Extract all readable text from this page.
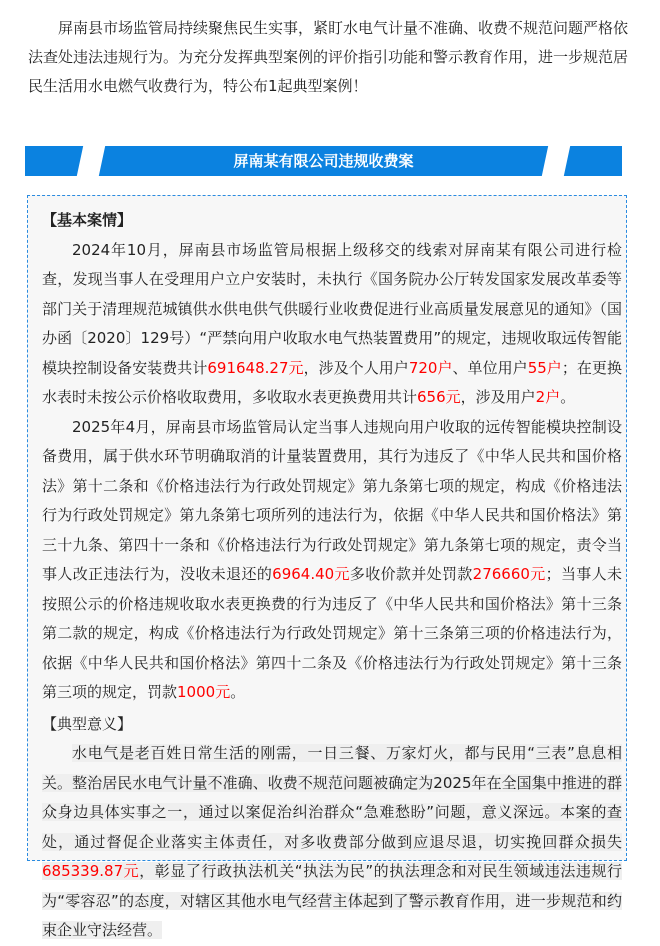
屏南县市场监管局持续聚焦民生实事，紧盯水电气计量不准确、收费不规范问题严格依法查处违法违规行为。为充分发挥典型案例的评价指引功能和警示教育作用，进一步规范居民生活用水电燃气收费行为，特公布1起典型案例！

屏南某有限公司违规收费案

【基本案情】

2024年10月，屏南县市场监管局根据上级移交的线索对屏南某有限公司进行检查，发现当事人在受理用户立户安装时，未执行《国务院办公厅转发国家发展改革委等部门关于清理规范城镇供水供电供气供暖行业收费促进行业高质量发展意见的通知》（国办函〔2020〕129号）“严禁向用户收取水电气热装置费用”的规定，违规收取远传智能模块控制设备安装费共计691648.27元，涉及个人用户720户、单位用户55户；在更换水表时未按公示价格收取费用，多收取水表更换费用共计656元，涉及用户2户。

2025年4月，屏南县市场监管局认定当事人违规向用户收取的远传智能模块控制设备费用，属于供水环节明确取消的计量装置费用，其行为违反了《中华人民共和国价格法》第十二条和《价格违法行为行政处罚规定》第九条第七项的规定，构成《价格违法行为行政处罚规定》第九条第七项所列的违法行为，依据《中华人民共和国价格法》第三十九条、第四十一条和《价格违法行为行政处罚规定》第九条第七项的规定，责令当事人改正违法行为，没收未退还的6964.40元多收价款并处罚款276660元；当事人未按照公示的价格违规收取水表更换费的行为违反了《中华人民共和国价格法》第十三条第二款的规定，构成《价格违法行为行政处罚规定》第十三条第三项的价格违法行为，依据《中华人民共和国价格法》第四十二条及《价格违法行为行政处罚规定》第十三条第三项的规定，罚款1000元。

【典型意义】

水电气是老百姓日常生活的刚需，一日三餐、万家灯火，都与民用“三表”息息相关。整治居民水电气计量不准确、收费不规范问题被确定为2025年在全国集中推进的群众身边具体实事之一，通过以案促治纠治群众“急难愁盼”问题，意义深远。本案的查处，通过督促企业落实主体责任，对多收费部分做到应退尽退，切实挽回群众损失685339.87元，彰显了行政执法机关“执法为民”的执法理念和对民生领域违法违规行为“零容忍”的态度，对辖区其他水电气经营主体起到了警示教育作用，进一步规范和约束企业守法经营。
